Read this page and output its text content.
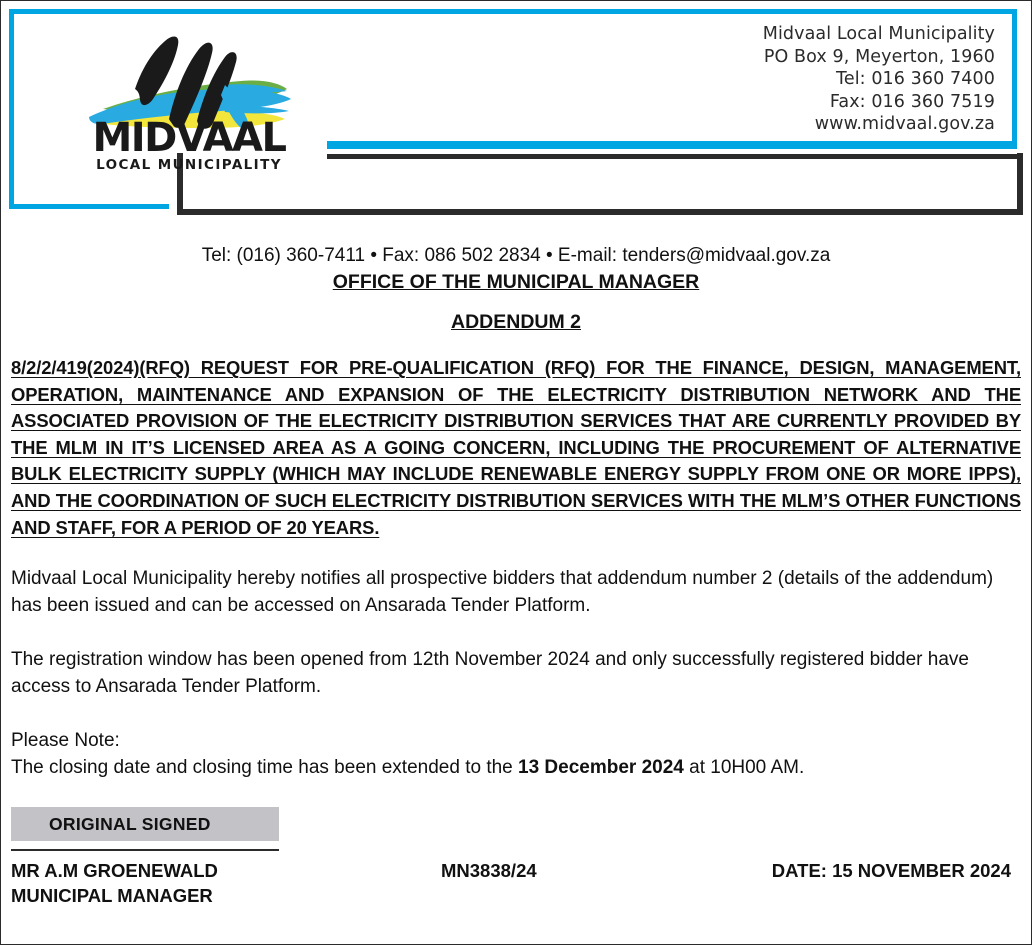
MIDVAAL
LOCAL MUNICIPALITY
Midvaal Local Municipality
PO Box 9, Meyerton, 1960
Tel: 016 360 7400
Fax: 016 360 7519
www.midvaal.gov.za
Tel: (016) 360-7411 • Fax: 086 502 2834 • E-mail: tenders@midvaal.gov.za
OFFICE OF THE MUNICIPAL MANAGER
ADDENDUM 2
8/2/2/419(2024)(RFQ) REQUEST FOR PRE-QUALIFICATION (RFQ) FOR THE FINANCE, DESIGN, MANAGEMENT, OPERATION, MAINTENANCE AND EXPANSION OF THE ELECTRICITY DISTRIBUTION NETWORK AND THE ASSOCIATED PROVISION OF THE ELECTRICITY DISTRIBUTION SERVICES THAT ARE CURRENTLY PROVIDED BY THE MLM IN IT’S LICENSED AREA AS A GOING CONCERN, INCLUDING THE PROCUREMENT OF ALTERNATIVE BULK ELECTRICITY SUPPLY (WHICH MAY INCLUDE RENEWABLE ENERGY SUPPLY FROM ONE OR MORE IPPS), AND THE COORDINATION OF SUCH ELECTRICITY DISTRIBUTION SERVICES WITH THE MLM’S OTHER FUNCTIONS AND STAFF, FOR A PERIOD OF 20 YEARS.

Midvaal Local Municipality hereby notifies all prospective bidders that addendum number 2 (details of the addendum) has been issued and can be accessed on Ansarada Tender Platform.

The registration window has been opened from 12th November 2024 and only successfully registered bidder have access to Ansarada Tender Platform.

Please Note:

The closing date and closing time has been extended to the 13 December 2024 at 10H00 AM.

ORIGINAL SIGNED
MR A.M GROENEWALD
MUNICIPAL MANAGER
MN3838/24	DATE: 15 NOVEMBER 2024
